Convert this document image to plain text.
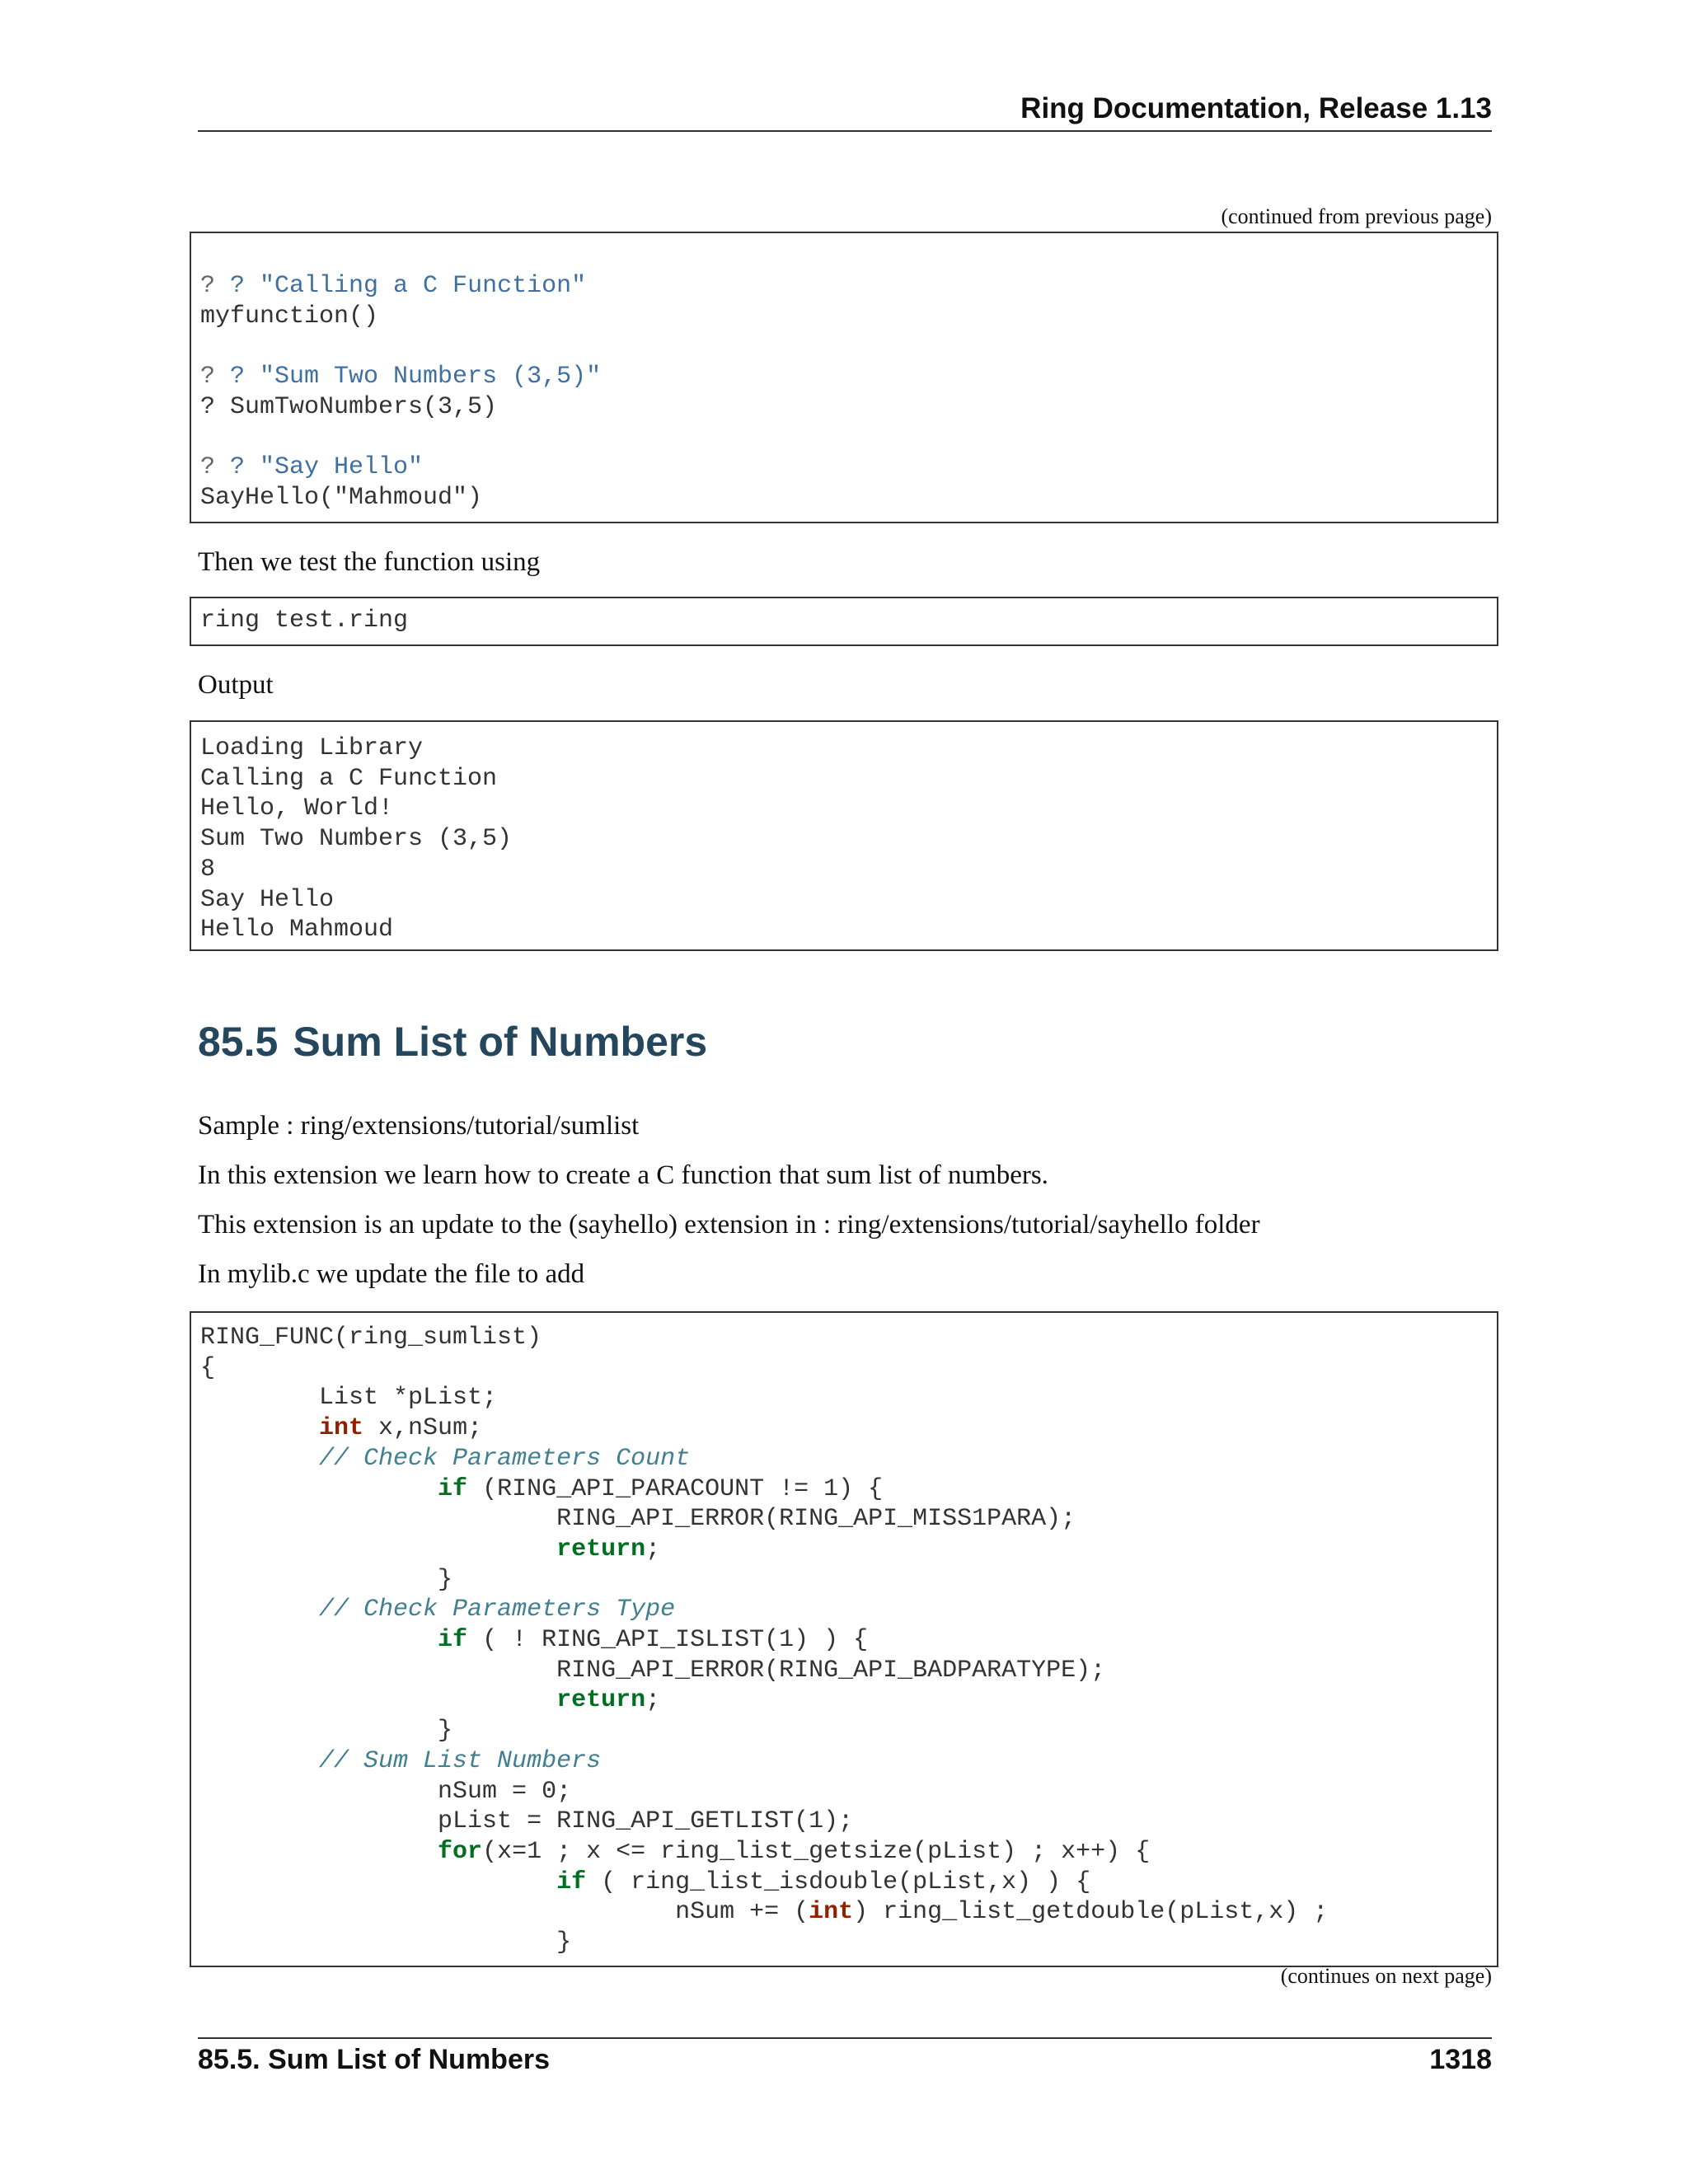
Ring Documentation, Release 1.13
(continued from previous page)
? ? "Calling a C Function"
myfunction()

? ? "Sum Two Numbers (3,5)"
? SumTwoNumbers(3,5)

? ? "Say Hello"
SayHello("Mahmoud")
Then we test the function using
ring test.ring
Output
Loading Library
Calling a C Function
Hello, World!
Sum Two Numbers (3,5)
8
Say Hello
Hello Mahmoud
85.5 Sum List of Numbers
Sample : ring/extensions/tutorial/sumlist
In this extension we learn how to create a C function that sum list of numbers.
This extension is an update to the (sayhello) extension in : ring/extensions/tutorial/sayhello folder
In mylib.c we update the file to add
RING_FUNC(ring_sumlist)
{
List *pList;
int x,nSum;
// Check Parameters Count
if (RING_API_PARACOUNT != 1) {
RING_API_ERROR(RING_API_MISS1PARA);
return;
}
// Check Parameters Type
if ( ! RING_API_ISLIST(1) ) {
RING_API_ERROR(RING_API_BADPARATYPE);
return;
}
// Sum List Numbers
nSum = 0;
pList = RING_API_GETLIST(1);
for(x=1 ; x <= ring_list_getsize(pList) ; x++) {
if ( ring_list_isdouble(pList,x) ) {
nSum += (int) ring_list_getdouble(pList,x) ;
}
(continues on next page)
85.5. Sum List of Numbers	1318
